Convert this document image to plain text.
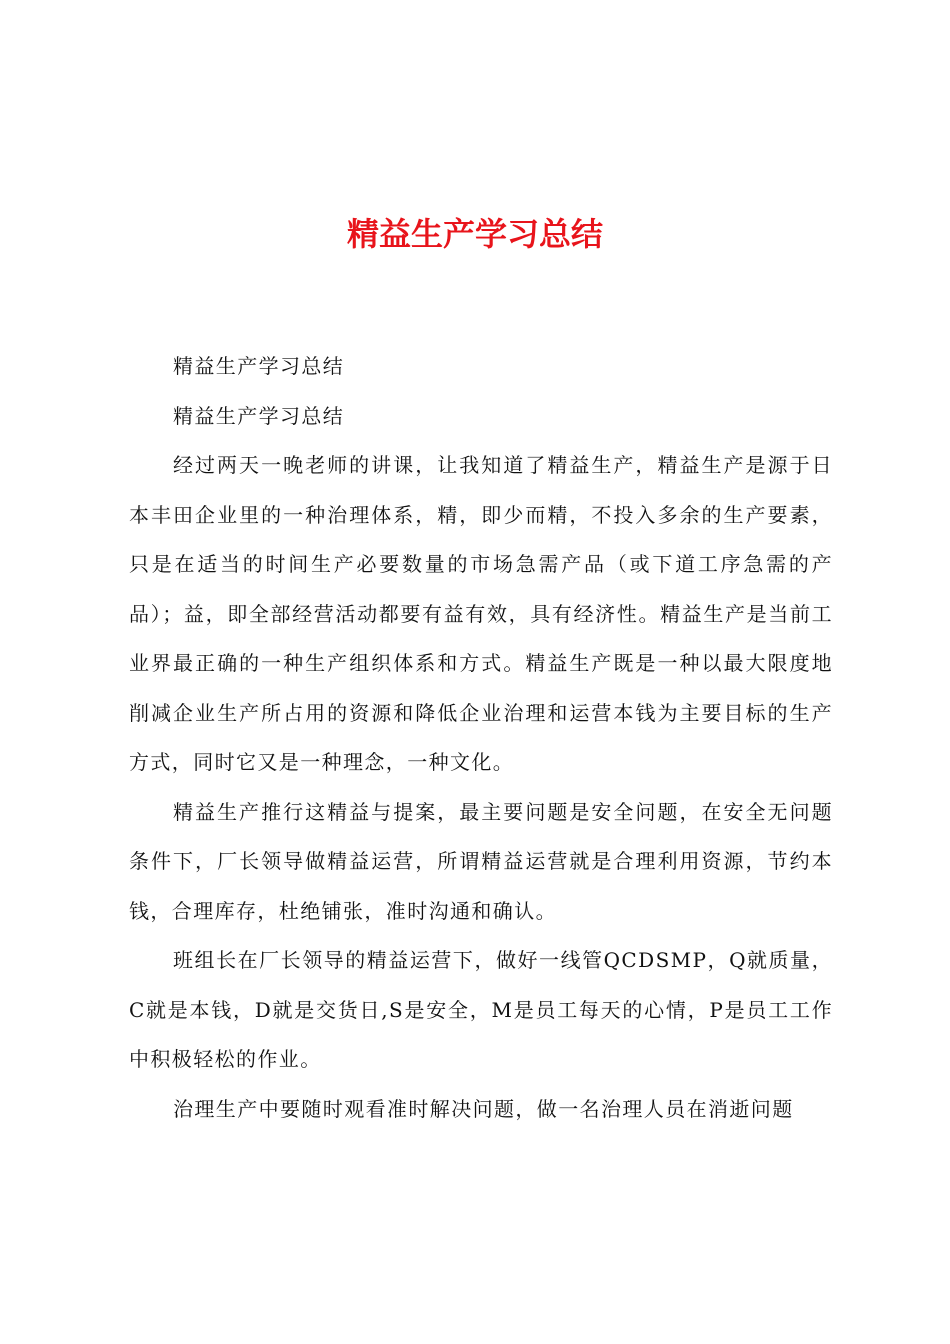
精益生产学习总结

精益生产学习总结

精益生产学习总结

经过两天一晚老师的讲课，让我知道了精益生产，精益生产是源于日本丰田企业里的一种治理体系，精，即少而精，不投入多余的生产要素，只是在适当的时间生产必要数量的市场急需产品（或下道工序急需的产品）；益，即全部经营活动都要有益有效，具有经济性。精益生产是当前工业界最正确的一种生产组织体系和方式。精益生产既是一种以最大限度地削减企业生产所占用的资源和降低企业治理和运营本钱为主要目标的生产方式，同时它又是一种理念，一种文化。

精益生产推行这精益与提案，最主要问题是安全问题，在安全无问题条件下，厂长领导做精益运营，所谓精益运营就是合理利用资源，节约本钱，合理库存，杜绝铺张，准时沟通和确认。

班组长在厂长领导的精益运营下，做好一线管QCDSMP，Q就质量，C就是本钱，D就是交货日,S是安全，M是员工每天的心情，P是员工工作中积极轻松的作业。

治理生产中要随时观看准时解决问题，做一名治理人员在消逝问题
